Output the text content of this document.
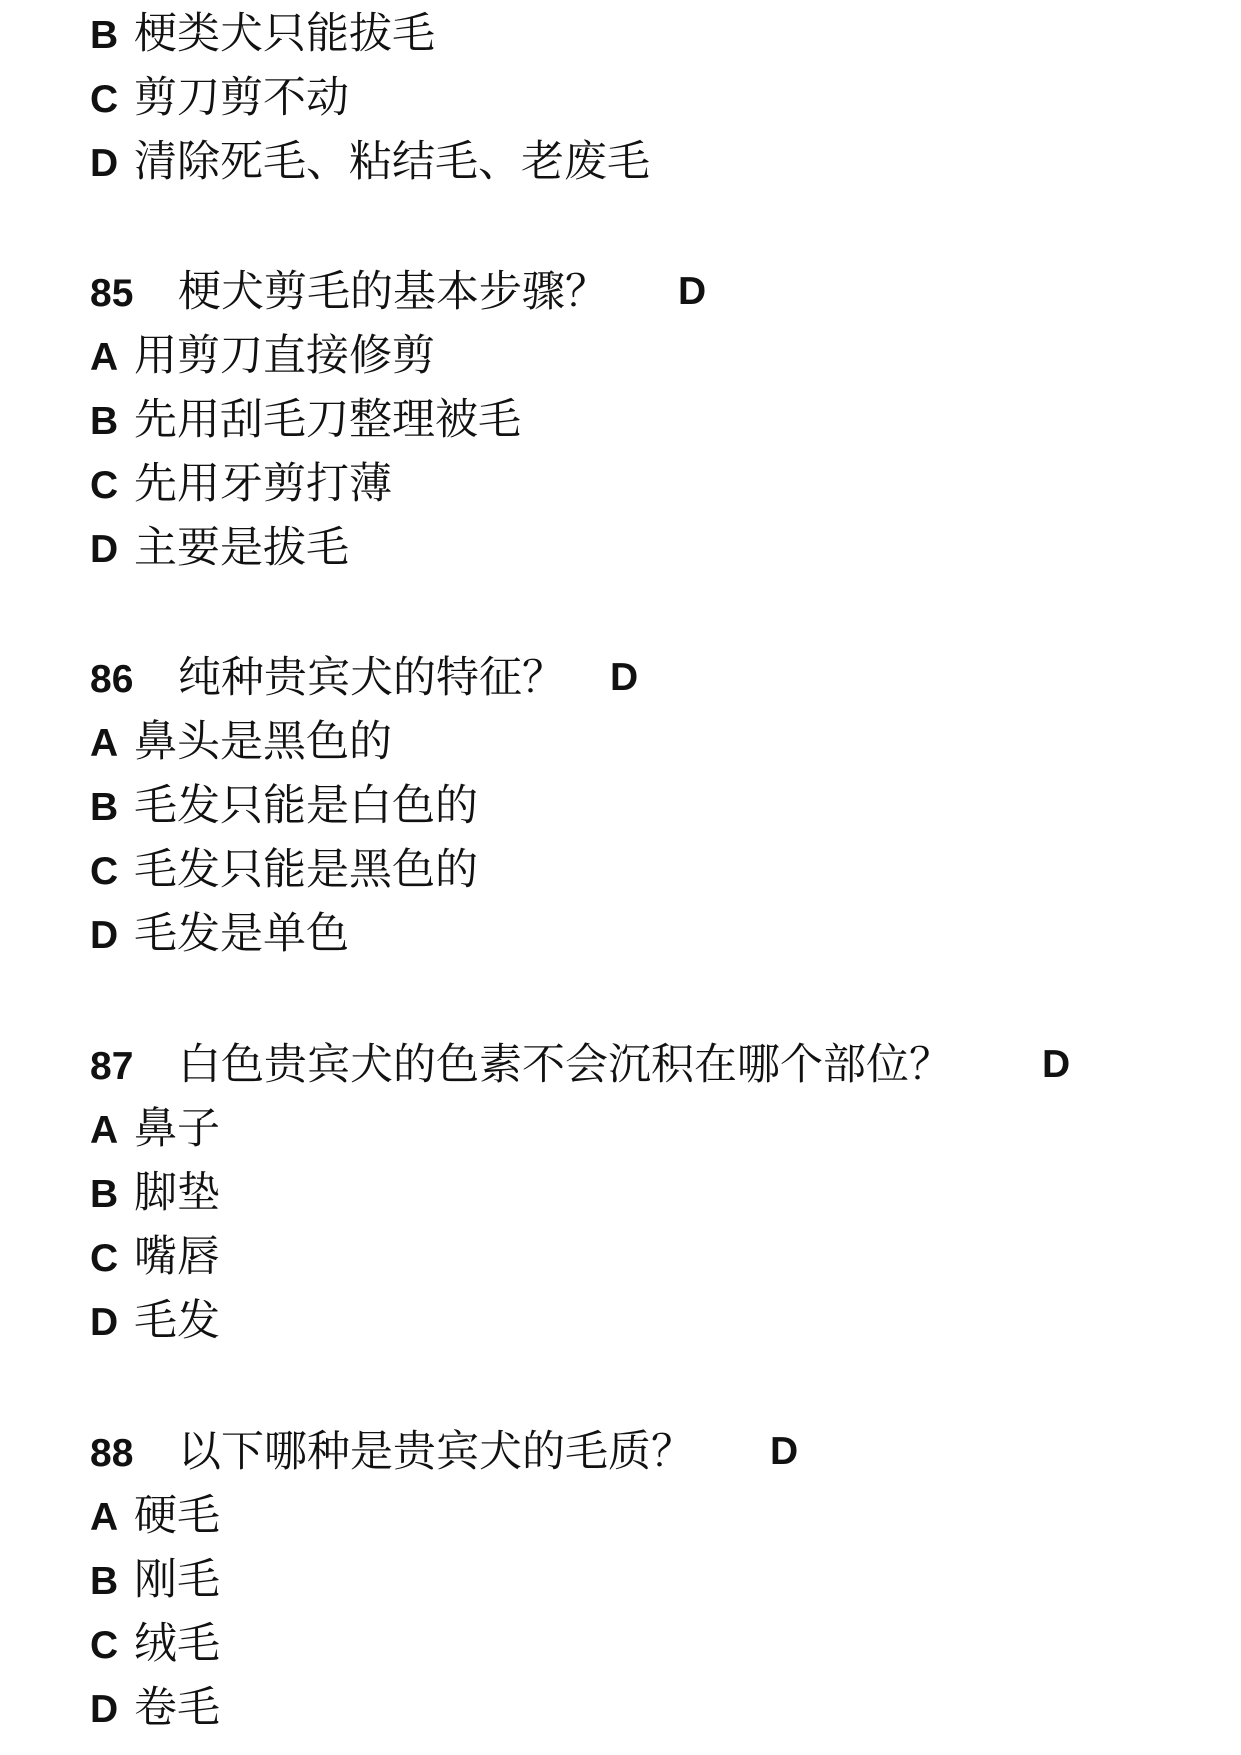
B 梗类犬只能拔毛
C 剪刀剪不动
D 清除死毛、粘结毛、老废毛
85 梗犬剪毛的基本步骤？ D
A 用剪刀直接修剪
B 先用刮毛刀整理被毛
C 先用牙剪打薄
D 主要是拔毛
86 纯种贵宾犬的特征？ D
A 鼻头是黑色的
B 毛发只能是白色的
C 毛发只能是黑色的
D 毛发是单色
87 白色贵宾犬的色素不会沉积在哪个部位？ D
A 鼻子
B 脚垫
C 嘴唇
D 毛发
88 以下哪种是贵宾犬的毛质？ D
A 硬毛
B 刚毛
C 绒毛
D 卷毛
